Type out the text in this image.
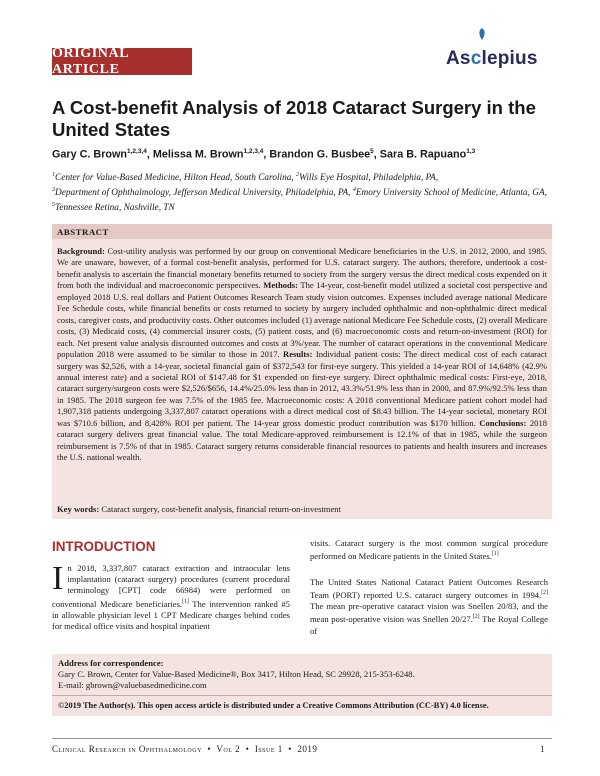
ORIGINAL ARTICLE	Asclepius
A Cost-benefit Analysis of 2018 Cataract Surgery in the United States
Gary C. Brown$^{1,2,3,4}$, Melissa M. Brown$^{1,2,3,4}$, Brandon G. Busbee$^5$, Sara B. Rapuano$^{1,3}$
$^1$Center for Value-Based Medicine, Hilton Head, South Carolina, $^2$Wills Eye Hospital, Philadelphia, PA,
$^3$Department of Ophthalmology, Jefferson Medical University, Philadelphia, PA, $^4$Emory University School of Medicine, Atlanta, GA, $^5$Tennessee Retina, Nashville, TN
ABSTRACT
Background: Cost-utility analysis was performed by our group on conventional Medicare beneficiaries in the U.S. in 2012, 2000, and 1985. We are unaware, however, of a formal cost-benefit analysis, performed for U.S. cataract surgery. The authors, therefore, undertook a cost-benefit analysis to ascertain the financial monetary benefits returned to society from the surgery versus the direct medical costs expended on it from both the individual and macroeconomic perspectives. Methods: The 14-year, cost-benefit model utilized a societal cost perspective and employed 2018 U.S. real dollars and Patient Outcomes Research Team study vision outcomes. Expenses included average national Medicare Fee Schedule costs, while financial benefits or costs returned to society by surgery included ophthalmic and non-ophthalmic direct medical costs, caregiver costs, and productivity costs. Other outcomes included (1) average national Medicare Fee Schedule costs, (2) overall Medicare costs, (3) Medicaid costs, (4) commercial insurer costs, (5) patient costs, and (6) macroeconomic costs and return-on-investment (ROI) for each. Net present value analysis discounted outcomes and costs at 3%/year. The number of cataract operations in the conventional Medicare population 2018 were assumed to be similar to those in 2017. Results: Individual patient costs: The direct medical cost of each cataract surgery was $2,526, with a 14-year, societal financial gain of $372,543 for first-eye surgery. This yielded a 14-year ROI of 14,648% (42.9% annual interest rate) and a societal ROI of $147.48 for $1 expended on first-eye surgery. Direct ophthalmic medical costs: First-eye, 2018, cataract surgery/surgeon costs were $2,526/$656, 14.4%/25.0% less than in 2012, 43.3%/51.9% less than in 2000, and 87.9%/92.5% less than in 1985. The 2018 surgeon fee was 7.5% of the 1985 fee. Macroeconomic costs: A 2018 conventional Medicare patient cohort model had 1,907,318 patients undergoing 3,337,807 cataract operations with a direct medical cost of $8.43 billion. The 14-year societal, monetary ROI was $710.6 billion, and 8,428% ROI per patient. The 14-year gross domestic product contribution was $170 billion. Conclusions: 2018 cataract surgery delivers great financial value. The total Medicare-approved reimbursement is 12.1% of that in 1985, while the surgeon reimbursement is 7.5% of that in 1985. Cataract surgery returns considerable financial resources to patients and health insurers and increases the U.S. national wealth.
Key words: Cataract surgery, cost-benefit analysis, financial return-on-investment
INTRODUCTION
In 2018, 3,337,807 cataract extraction and intraocular lens implantation (cataract surgery) procedures (current procedural terminology [CPT] code 66984) were performed on conventional Medicare beneficiaries.[1] The intervention ranked #5 in allowable physician level 1 CPT Medicare charges behind codes for medical office visits and hospital inpatient
visits. Cataract surgery is the most common surgical procedure performed on Medicare patients in the United States.[1]
The United States National Cataract Patient Outcomes Research Team (PORT) reported U.S. cataract surgery outcomes in 1994.[2] The mean pre-operative cataract vision was Snellen 20/83, and the mean post-operative vision was Snellen 20/27.[2] The Royal College of
Address for correspondence:
Gary C. Brown, Center for Value-Based Medicine®, Box 3417, Hilton Head, SC 29928, 215-353-6248.
E-mail: gbrown@valuebasedmedicine.com
©2019 The Author(s). This open access article is distributed under a Creative Commons Attribution (CC-BY) 4.0 license.
Clinical Research in Ophthalmology • Vol 2 • Issue 1 • 2019	1
